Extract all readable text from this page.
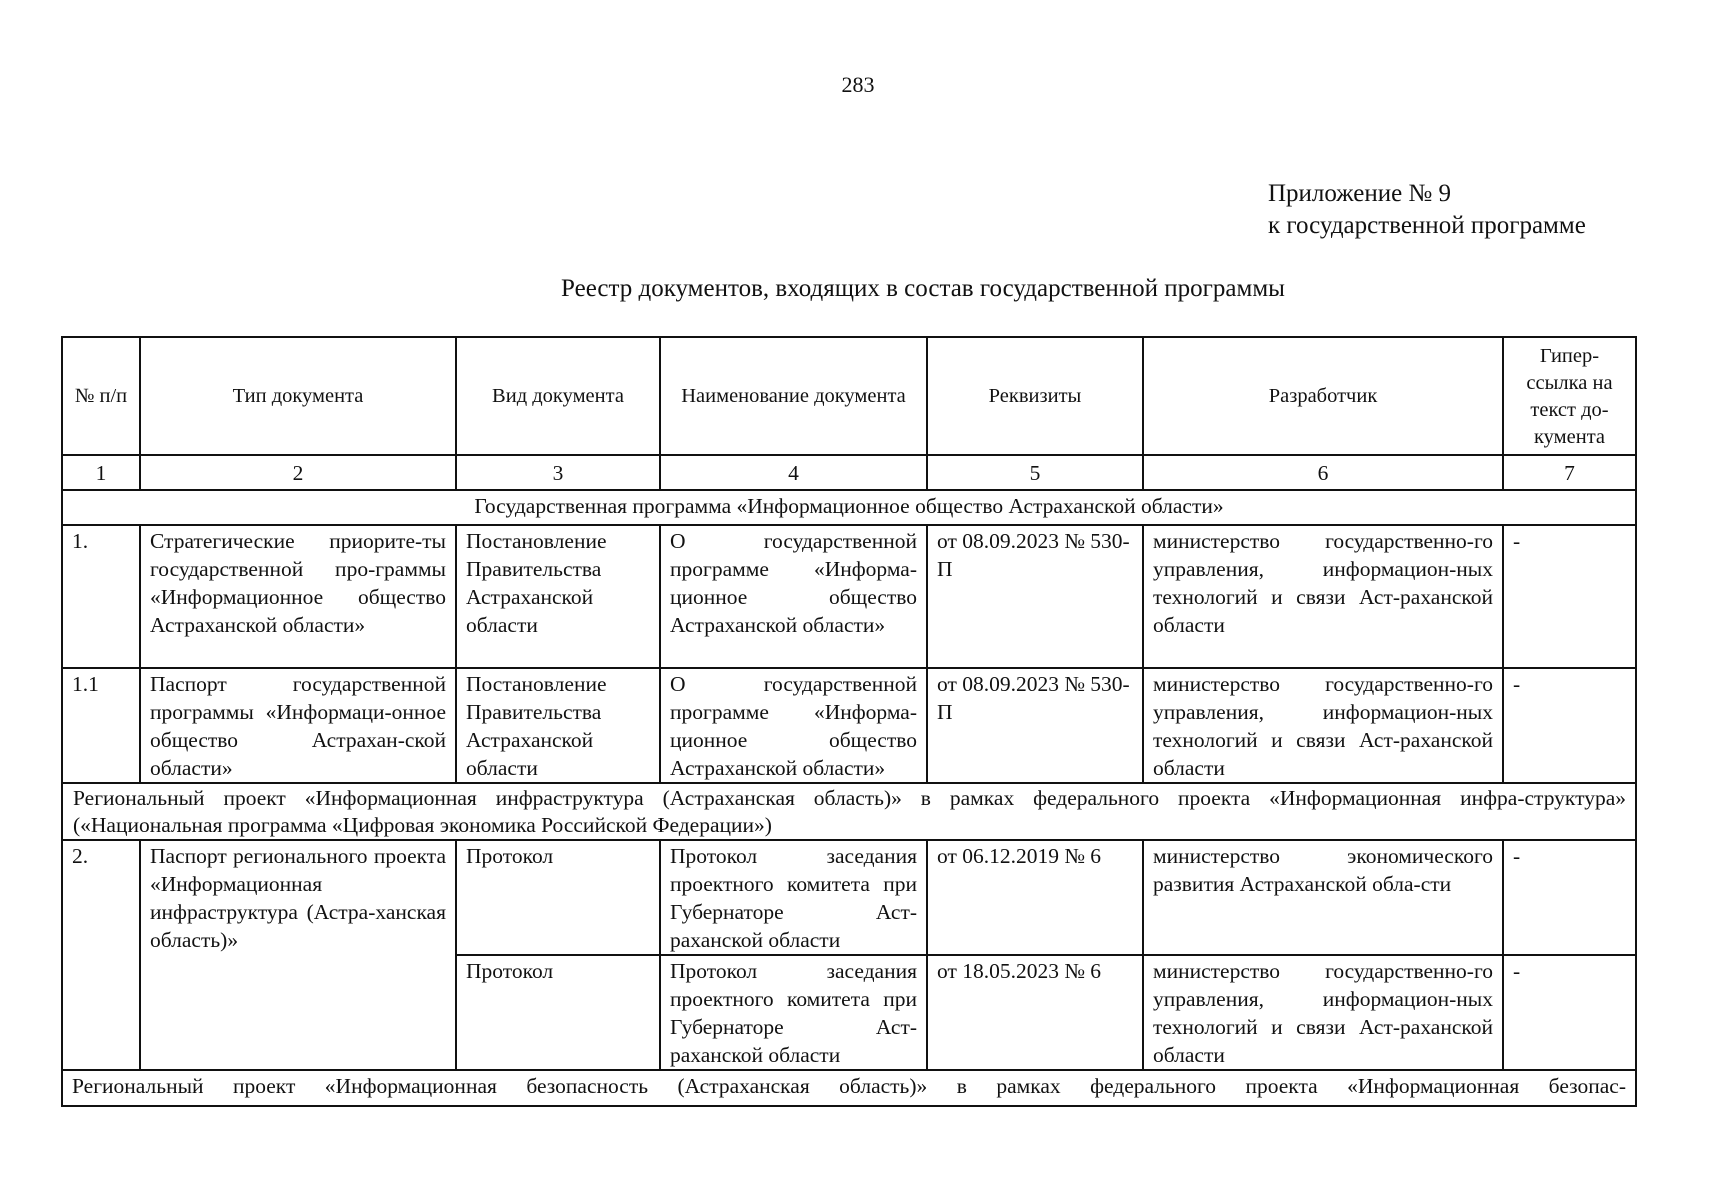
283
Приложение № 9
к государственной программе
Реестр документов, входящих в состав государственной программы
№ п/п	Тип документа	Вид документа	Наименование документа	Реквизиты	Разработчик	Гипер-ссылка на текст до-кумента
1	2	3	4	5	6	7
Государственная программа «Информационное общество Астраханской области»						
1.	Стратегические приорите-ты государственной про-граммы «Информационное общество Астраханской области»	Постановление Правительства Астраханской области	О государственной программе «Информа-ционное общество Астраханской области»	от 08.09.2023 № 530-П	министерство государственно-го управления, информацион-ных технологий и связи Аст-раханской области	-
1.1	Паспорт государственной программы «Информаци-онное общество Астрахан-ской области»	Постановление Правительства Астраханской области	О государственной программе «Информа-ционное общество Астраханской области»	от 08.09.2023 № 530-П	министерство государственно-го управления, информацион-ных технологий и связи Аст-раханской области	-
Региональный проект «Информационная инфраструктура (Астраханская область)» в рамках федерального проекта «Информационная инфра-структура» («Национальная программа «Цифровая экономика Российской Федерации»)						
2.	Паспорт регионального проекта «Информационная инфраструктура (Астра-ханская область)»	Протокол	Протокол заседания проектного комитета при Губернаторе Аст-раханской области	от 06.12.2019 № 6	министерство экономического развития Астраханской обла-сти	-
		Протокол	Протокол заседания проектного комитета при Губернаторе Аст-раханской области	от 18.05.2023 № 6	министерство государственно-го управления, информацион-ных технологий и связи Аст-раханской области	-
Региональный проект «Информационная безопасность (Астраханская область)» в рамках федерального проекта «Информационная безопас-						
